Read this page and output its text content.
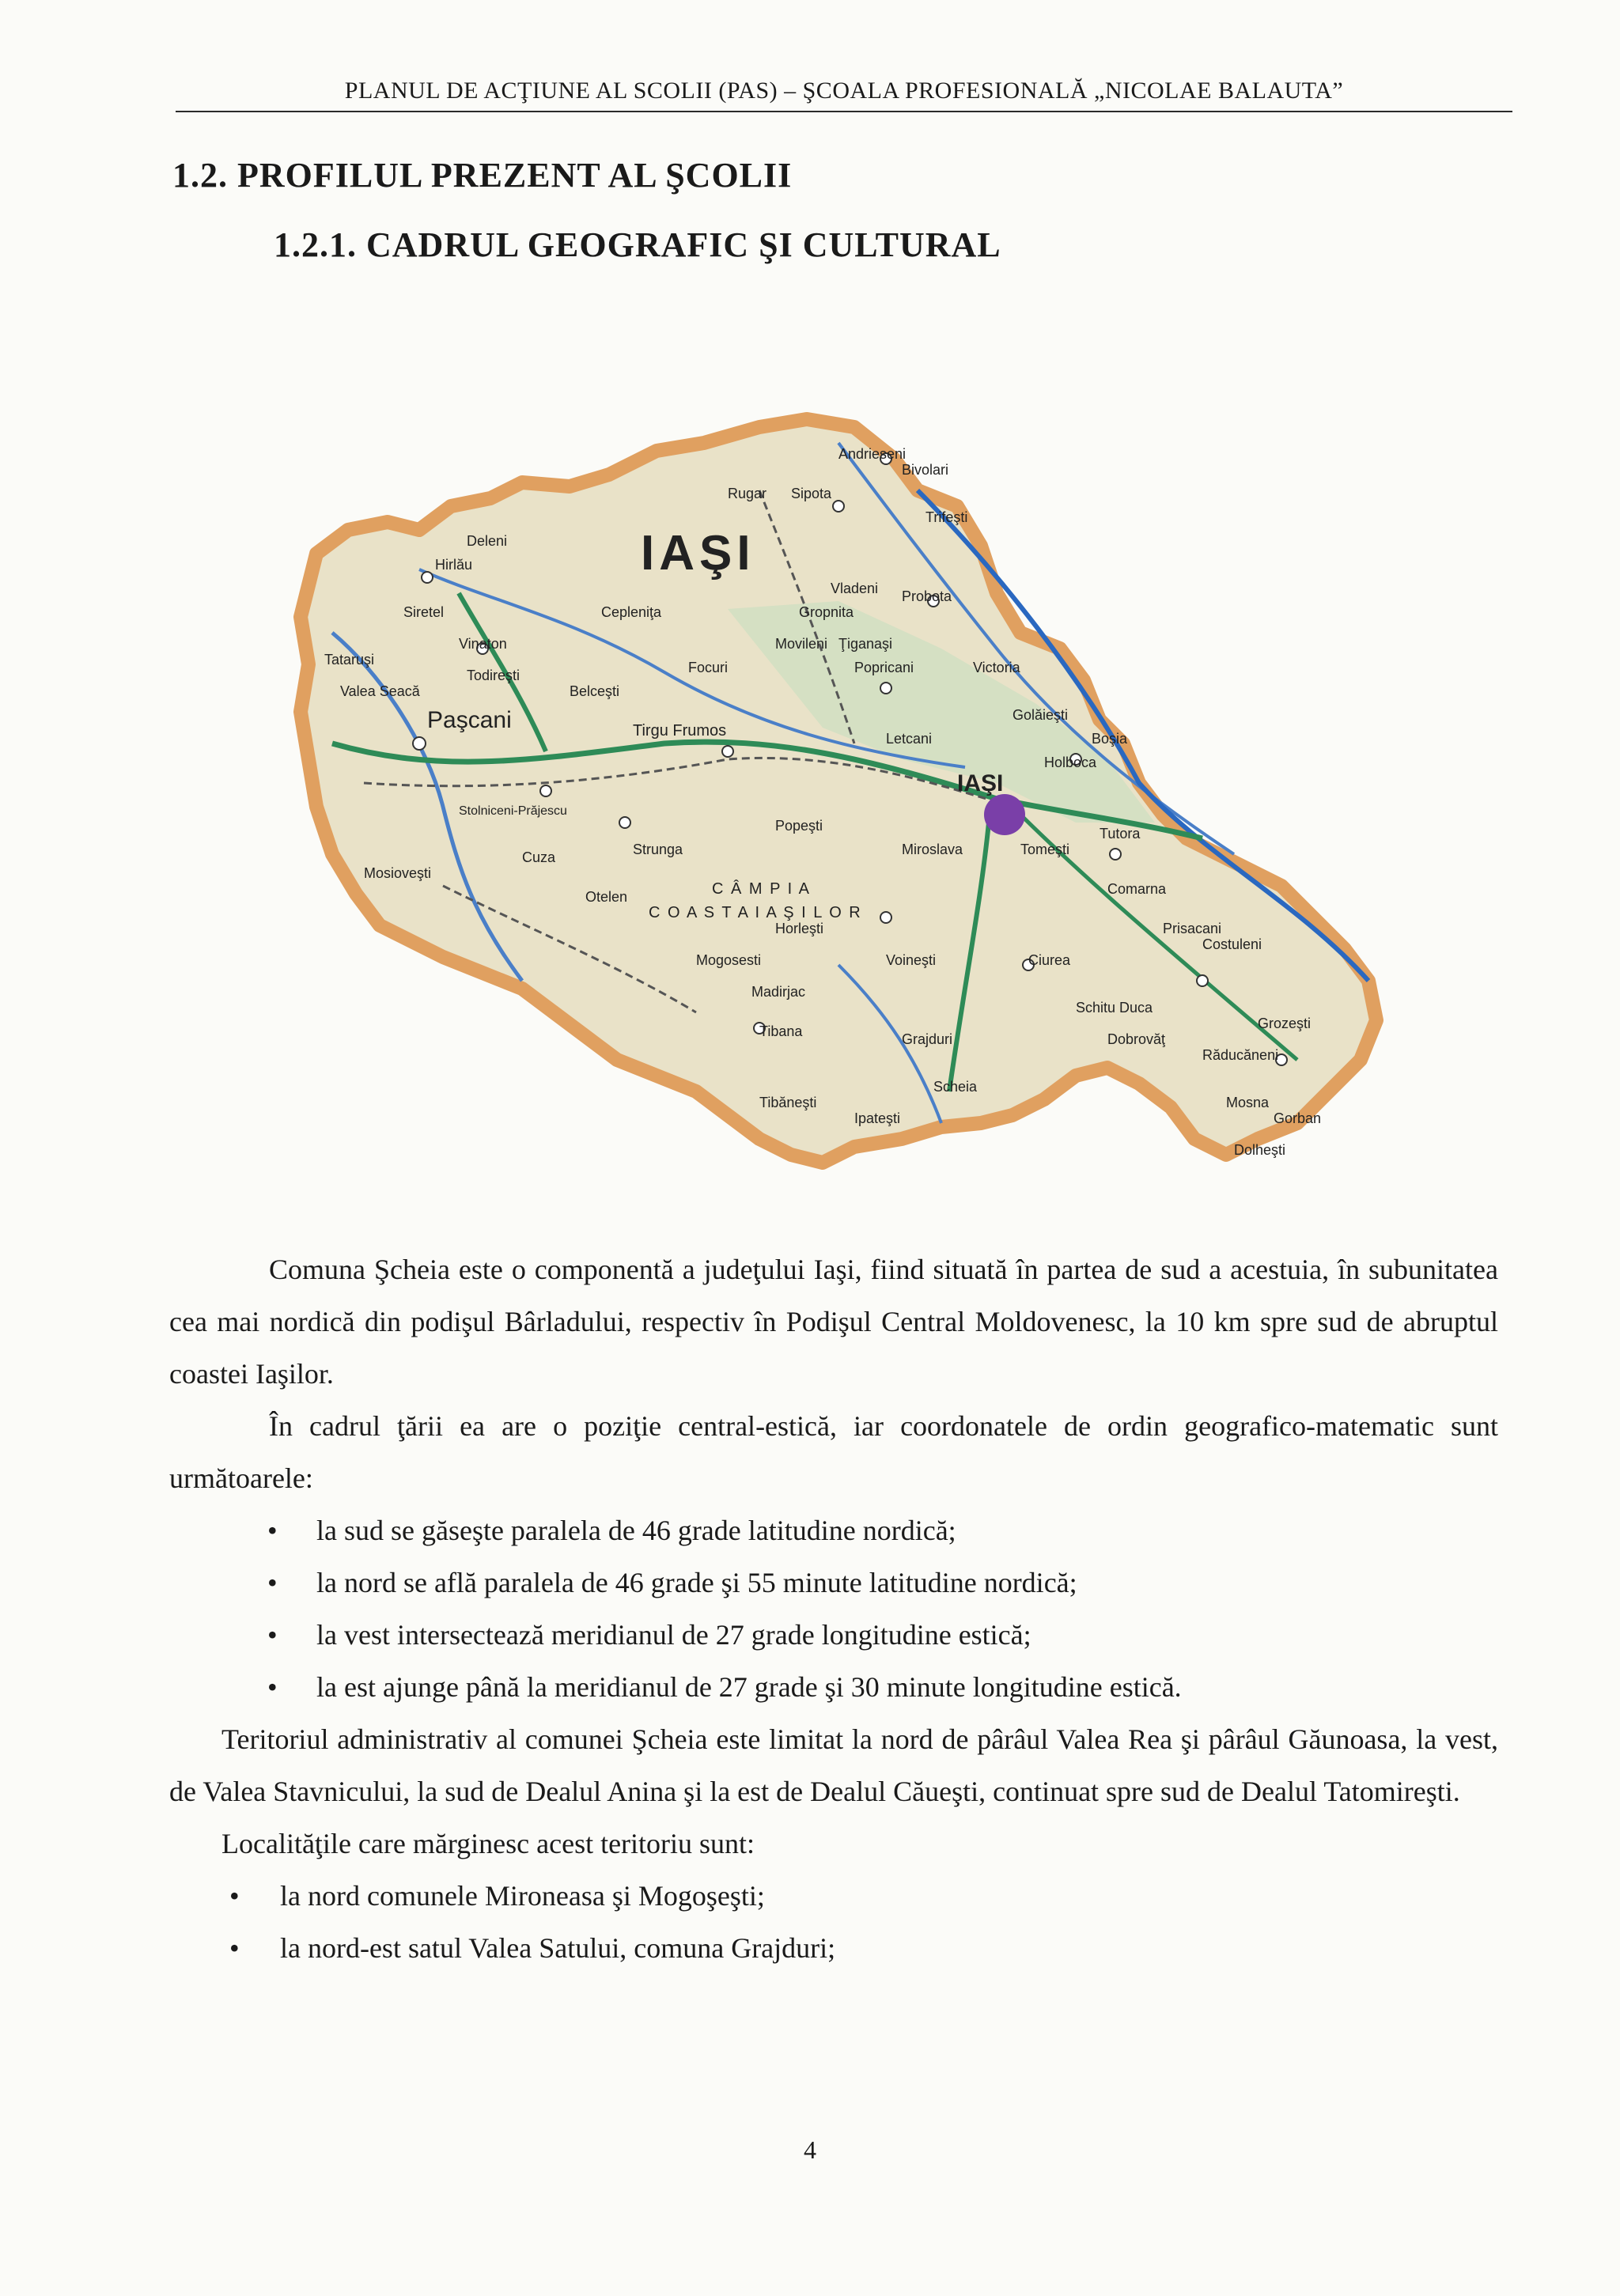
PLANUL DE ACŢIUNE AL SCOLII (PAS) – ŞCOALA PROFESIONALĂ „NICOLAE BALAUTA”
1.2. PROFILUL PREZENT AL ŞCOLII
1.2.1. CADRUL GEOGRAFIC ŞI CULTURAL
IAŞI
IAŞI
C O A S T A I A Ş I L O R
Andrieseni
Bivolari
Trifeşti
Rugar Sipota
Deleni
Hirlău
Vladeni Probota
Cepleniţa
Siretel
Vinaton
Tataruşi
Todireşti	Focuri
Movileni Ţiganaşi
Popricani	Victoria
Valea Seacă
Paşcani
Belceşti
Tirgu Frumos
Golăieşti
Boşia
Letcani
Holboca
Tomeşti
Tutora
Costuleni
Popeşti
Strunga	Miroslava
Stolniceni-Prăjescu
Cuza
Mosioveşti
Horleşti
Comarna
Prisacani
Otelen
Voineşti
Mogosesti	Ciurea
Grozeşti
Madirjac
Schitu Duca
Dobrovăţ
Răducăneni
Tibana	Grajduri
Tibăneşti
Ipateşti
Scheia
Mosna
Gorban
Dolheşti
Gropnita
C Â M P I A

Comuna Şcheia este o componentă a judeţului Iaşi, fiind situată în partea de sud a acestuia, în subunitatea cea mai nordică din podişul Bârladului, respectiv în Podişul Central Moldovenesc, la 10 km spre sud de abruptul coastei Iaşilor.

În cadrul ţării ea are o poziţie central-estică, iar coordonatele de ordin geografico-matematic sunt următoarele:

• la sud se găseşte paralela de 46 grade latitudine nordică;
• la nord se află paralela de 46 grade şi 55 minute latitudine nordică;
• la vest intersectează meridianul de 27 grade longitudine estică;
• la est ajunge până la meridianul de 27 grade şi 30 minute longitudine estică.

Teritoriul administrativ al comunei Şcheia este limitat la nord de pârâul Valea Rea şi pârâul Găunoasa, la vest, de Valea Stavnicului, la sud de Dealul Anina şi la est de Dealul Căueşti, continuat spre sud de Dealul Tatomireşti.

Localităţile care mărginesc acest teritoriu sunt:

• la nord comunele Mironeasa şi Mogoşeşti;
• la nord-est satul Valea Satului, comuna Grajduri;
4
